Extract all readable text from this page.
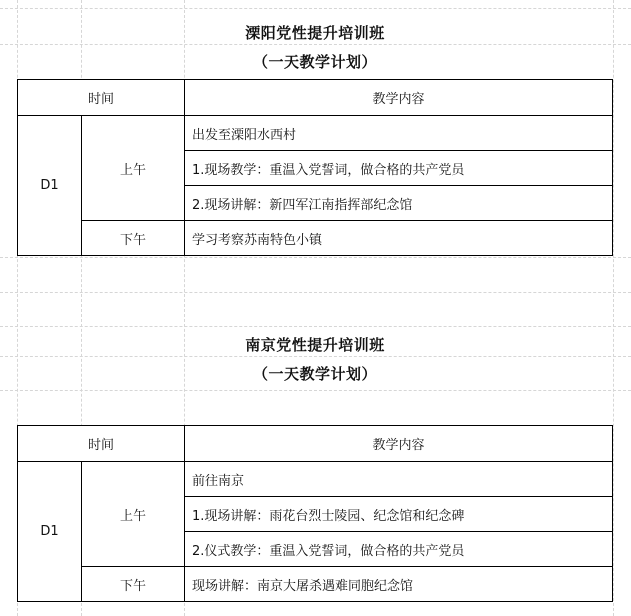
溧阳党性提升培训班
（一天教学计划）
时间		教学内容
D1	上午	出发至溧阳水西村
		1.现场教学：重温入党誓词，做合格的共产党员
		2.现场讲解：新四军江南指挥部纪念馆
	下午	学习考察苏南特色小镇
南京党性提升培训班
（一天教学计划）
时间		教学内容
D1	上午	前往南京
		1.现场讲解：雨花台烈士陵园、纪念馆和纪念碑
		2.仪式教学：重温入党誓词，做合格的共产党员
	下午	现场讲解：南京大屠杀遇难同胞纪念馆
